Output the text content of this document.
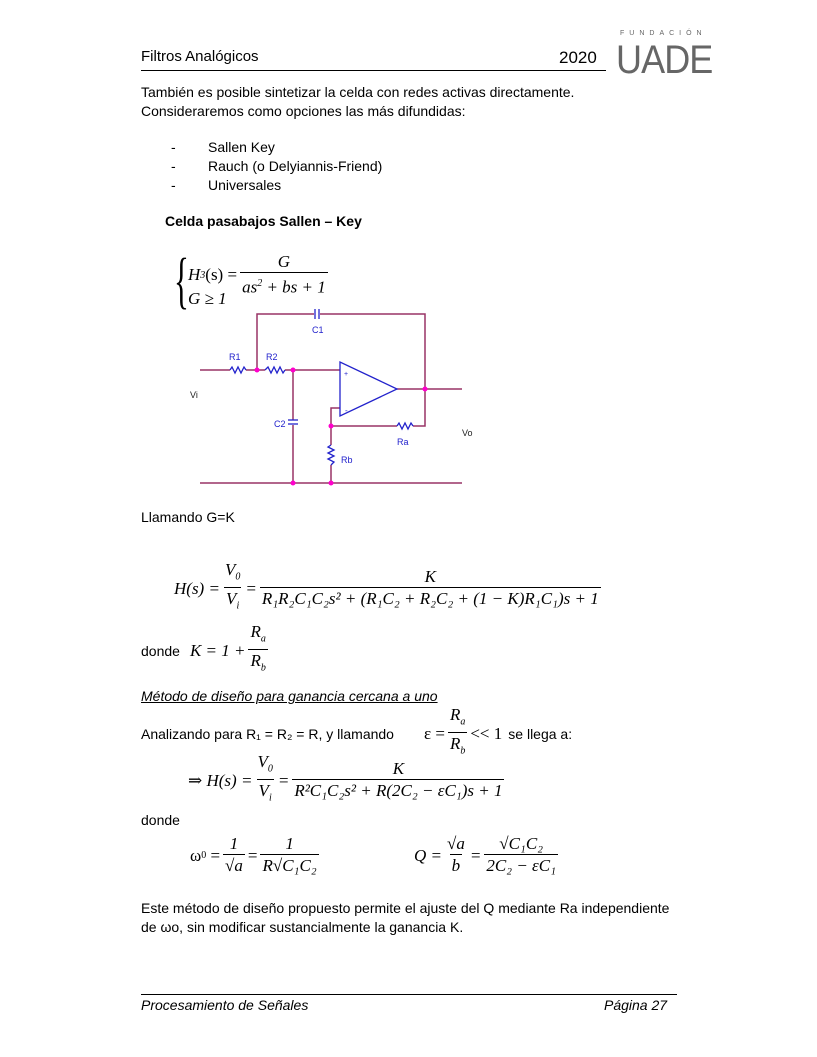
Filtros Analógicos	2020
FUNDACIÓN
UADE
También es posible sintetizar la celda con redes activas directamente.
Consideraremos como opciones las más difundidas:
- Sallen Key
- Rauch (o Delyiannis-Friend)
- Universales
Celda pasabajos Sallen – Key
{ H 3 $(s) = \frac{G}{as^2 + bs + 1}$
G ≥ 1
R1	R2
C1
C2
Ra
Rb
+
-
Vi
Vo
Llamando G=K
$H(s) = \frac{V_0}{V_i} = \frac{K}{\text{R₁R₂C₁C₂s² + (R₁C₂ + R₂C₂ + (1 − K)R₁C₁)s + 1}}$
donde $K = 1 + \frac{R_a}{R_b}$
Método de diseño para ganancia cercana a uno
Analizando para R₁ = R₂ = R, y llamando $\varepsilon = \frac{R_a}{R_b} << 1$ se llega a:
⇒ $H(s) = \frac{V_0}{V_i} = \frac{K}{\text{R²C₁C₂s² + R(2C₂ − εC₁)s + 1}}$
donde
ω 0
= $\frac{1}{√a} = \frac{1}{\text{R√C₁C₂}}$	$Q = \frac{√a}{b} = \frac{\text{√C₁C₂}}{\text{2C₂ − εC₁}}$
Este método de diseño propuesto permite el ajuste del Q mediante Ra independiente
de ωo, sin modificar sustancialmente la ganancia K.
Procesamiento de Señales	Página 27
